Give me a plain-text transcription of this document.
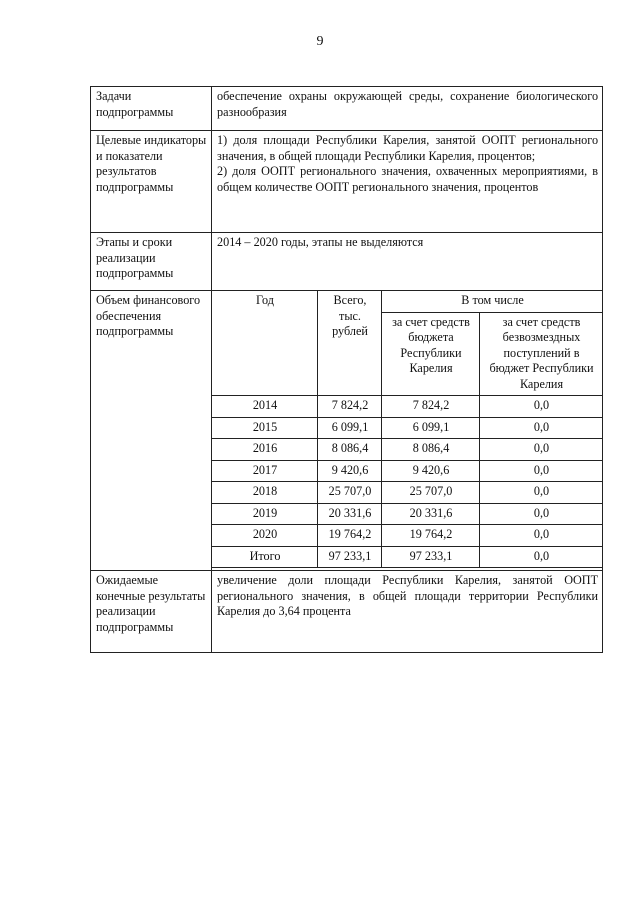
9
Задачи подпрограммы	обеспечение охраны окружающей среды, сохранение биологического разнообразия			
Целевые индикаторы и показатели результатов подпрограммы	1) доля площади Республики Карелия, занятой ООПТ регионального значения, в общей площади Республики Карелия, процентов;

2) доля ООПТ регионального значения, охваченных мероприятиями, в общем количестве ООПТ регионального значения, процентов			

Этапы и сроки реализации подпрограммы	2014 – 2020 годы, этапы не выделяются			
Объем финансового обеспечения подпрограммы	Год	Всего, тыс. рублей	В том числе	
			за счет средств бюджета Республики Карелия	за счет средств безвозмездных поступлений в бюджет Республики Карелия
	2014	7 824,2	7 824,2	0,0
	2015	6 099,1	6 099,1	0,0
	2016	8 086,4	8 086,4	0,0
	2017	9 420,6	9 420,6	0,0
	2018	25 707,0	25 707,0	0,0
	2019	20 331,6	20 331,6	0,0
	2020	19 764,2	19 764,2	0,0
	Итого	97 233,1	97 233,1	0,0

Ожидаемые конечные результаты реализации подпрограммы	увеличение доли площади Республики Карелия, занятой ООПТ регионального значения, в общей площади территории Республики Карелия до 3,64 процента			
